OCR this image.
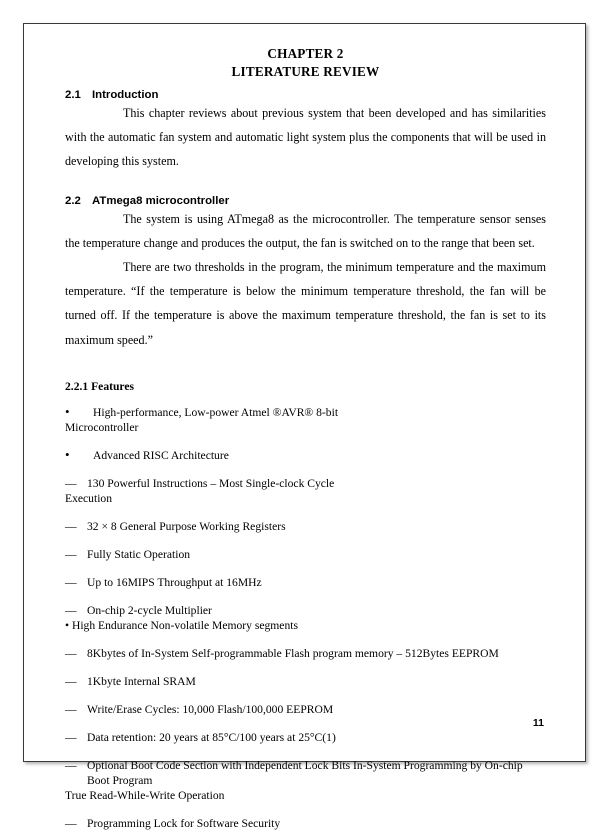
CHAPTER 2
LITERATURE REVIEW
2.1 Introduction

This chapter reviews about previous system that been developed and has similarities with the automatic fan system and automatic light system plus the components that will be used in developing this system.

2.2 ATmega8 microcontroller

The system is using ATmega8 as the microcontroller. The temperature sensor senses the temperature change and produces the output, the fan is switched on to the range that been set.

There are two thresholds in the program, the minimum temperature and the maximum temperature. “If the temperature is below the minimum temperature threshold, the fan will be turned off. If the temperature is above the maximum temperature threshold, the fan is set to its maximum speed.”

2.2.1 Features
•	High-performance, Low-power Atmel ®AVR® 8-bit
Microcontroller
•	Advanced RISC Architecture
— 130 Powerful Instructions – Most Single-clock Cycle
Execution
— 32 × 8 General Purpose Working Registers
— Fully Static Operation
— Up to 16MIPS Throughput at 16MHz
— On-chip 2-cycle Multiplier
• High Endurance Non-volatile Memory segments
— 8Kbytes of In-System Self-programmable Flash program memory – 512Bytes EEPROM
— 1Kbyte Internal SRAM
— Write/Erase Cycles: 10,000 Flash/100,000 EEPROM
— Data retention: 20 years at 85°C/100 years at 25°C(1)
— Optional Boot Code Section with Independent Lock Bits In-System Programming by On-chip Boot Program
True Read-While-Write Operation
— Programming Lock for Software Security
11
